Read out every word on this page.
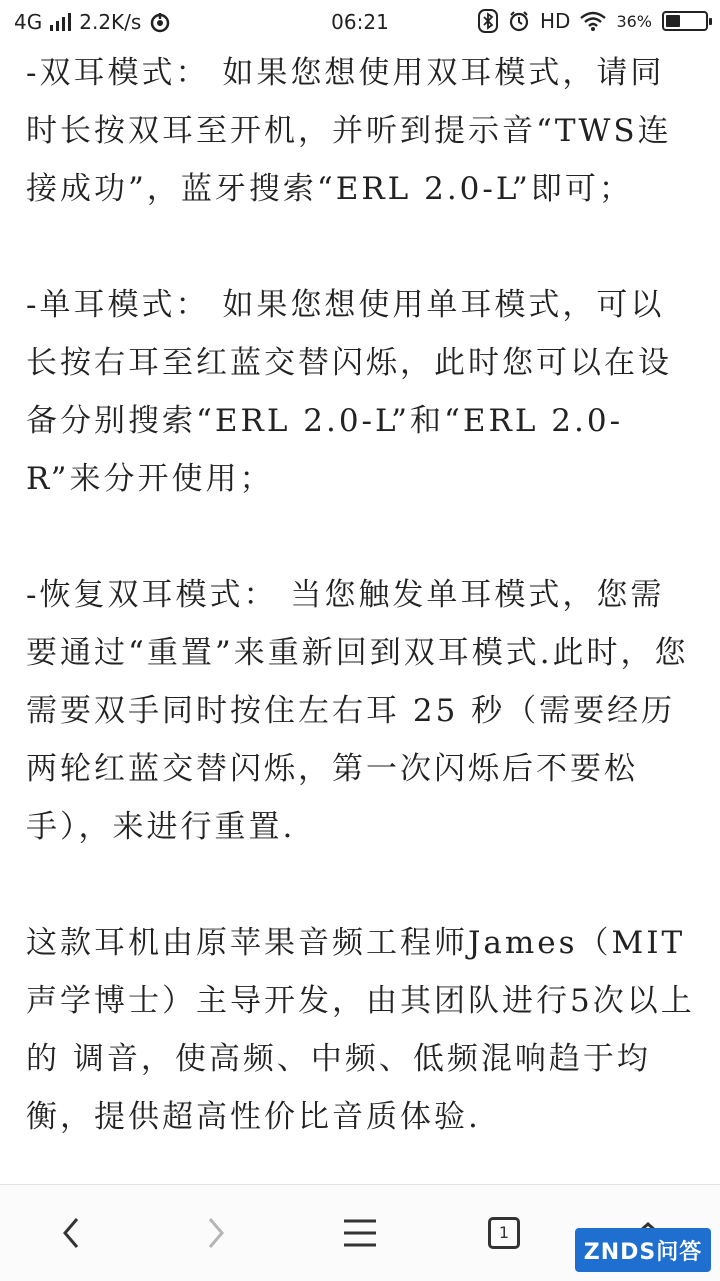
4G 2.2K/s	06:21	HD	36%

-双耳模式： 如果您想使用双耳模式，请同时长按双耳至开机，并听到提示音“TWS连接成功”，蓝牙搜索“ERL 2.0-L”即可；

-单耳模式： 如果您想使用单耳模式，可以长按右耳至红蓝交替闪烁，此时您可以在设备分别搜索“ERL 2.0-L”和“ERL 2.0-R”来分开使用；

-恢复双耳模式： 当您触发单耳模式，您需要通过“重置”来重新回到双耳模式.此时，您需要双手同时按住左右耳 25 秒（需要经历两轮红蓝交替闪烁，第一次闪烁后不要松手），来进行重置.

这款耳机由原苹果音频工程师James（MIT声学博士）主导开发，由其团队进行5次以上的 调音，使高频、中频、低频混响趋于均衡，提供超高性价比音质体验.

1
ZNDS问答
